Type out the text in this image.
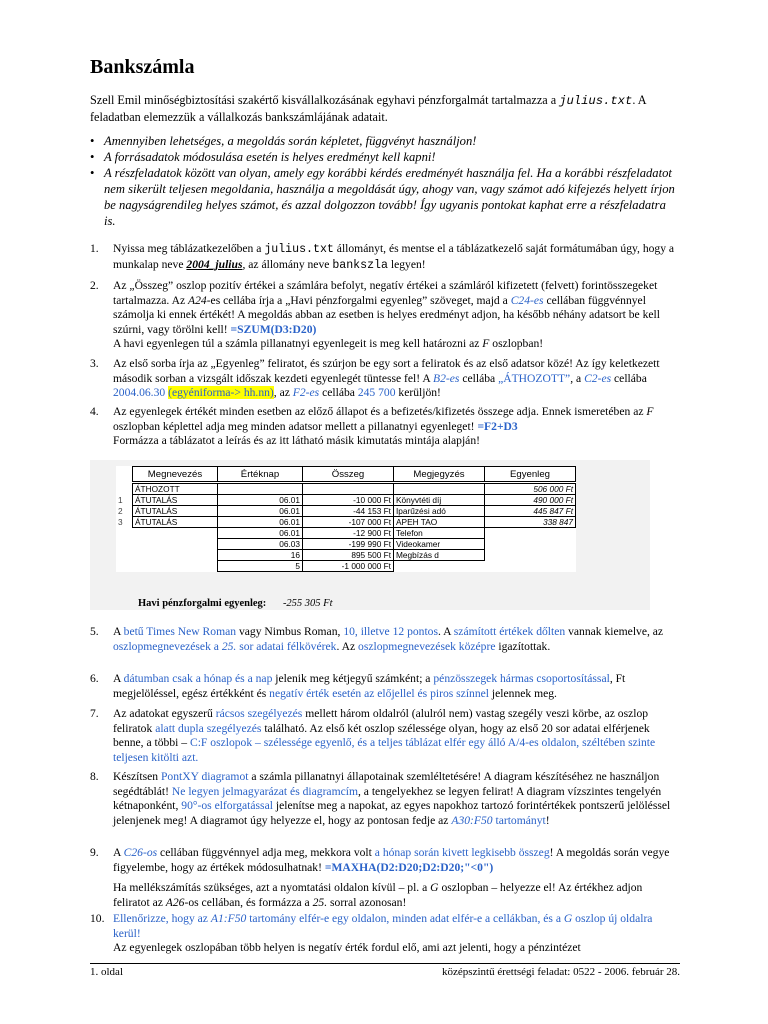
Bankszámla
Szell Emil minőségbiztosítási szakértő kisvállalkozásának egyhavi pénzforgalmát tartalmazza a julius.txt. A feladatban elemezzük a vállalkozás bankszámlájának adatait.
• Amennyiben lehetséges, a megoldás során képletet, függvényt használjon!
• A forrásadatok módosulása esetén is helyes eredményt kell kapni!
• A részfeladatok között van olyan, amely egy korábbi kérdés eredményét használja fel. Ha a korábbi részfeladatot nem sikerült teljesen megoldania, használja a megoldását úgy, ahogy van, vagy számot adó kifejezés helyett írjon be nagyságrendileg helyes számot, és azzal dolgozzon tovább! Így ugyanis pontokat kaphat erre a részfeladatra is.
1. Nyissa meg táblázatkezelőben a julius.txt állományt, és mentse el a táblázatkezelő saját formátumában úgy, hogy a munkalap neve 2004_julius, az állomány neve bankszla legyen!
2. Az „Összeg” oszlop pozitív értékei a számlára befolyt, negatív értékei a számláról kifizetett (felvett) forintösszegeket tartalmazza. Az A24-es cellába írja a „Havi pénzforgalmi egyenleg” szöveget, majd a C24-es cellában függvénnyel számolja ki ennek értékét! A megoldás abban az esetben is helyes eredményt adjon, ha később néhány adatsort be kell szúrni, vagy törölni kell! =SZUM(D3:D20)
A havi egyenlegen túl a számla pillanatnyi egyenlegeit is meg kell határozni az F oszlopban!
3. Az első sorba írja az „Egyenleg” feliratot, és szúrjon be egy sort a feliratok és az első adatsor közé! Az így keletkezett második sorban a vizsgált időszak kezdeti egyenlegét tüntesse fel! A B2-es cellába „ÁTHOZOTT”, a C2-es cellába 2004.06.30 (egyéniforma-> hh.nn), az F2-es cellába 245 700 kerüljön!
4. Az egyenlegek értékét minden esetben az előző állapot és a befizetés/kifizetés összege adja. Ennek ismeretében az F oszlopban képlettel adja meg minden adatsor mellett a pillanatnyi egyenleget! =F2+D3
Formázza a táblázatot a leírás és az itt látható másik kimutatás mintája alapján!
	Megnevezés	Értéknap	Összeg	Megjegyzés	Egyenleg
	ÁTHOZOTT				506 000 Ft
1	ÁTUTALÁS	06.01	-10 000 Ft	Könyvtéti díj	490 000 Ft
2	ÁTUTALÁS	06.01	-44 153 Ft	Iparűzési adó	445 847 Ft
3	ÁTUTALÁS	06.01	-107 000 Ft	APEH TAO	338 847
		06.01	-12 900 Ft	Telefon	
		06.03	-199 990 Ft	Videokamer	
		16	895 500 Ft	Megbízás d	
		5	-1 000 000 Ft		
Havi pénzforgalmi egyenleg: -255 305 Ft
5. A betű Times New Roman vagy Nimbus Roman, 10, illetve 12 pontos. A számított értékek dőlten vannak kiemelve, az oszlopmegnevezések a 25. sor adatai félkövérek. Az oszlopmegnevezések középre igazítottak.
6. A dátumban csak a hónap és a nap jelenik meg kétjegyű számként; a pénzösszegek hármas csoportosítással, Ft megjelöléssel, egész értékként és negatív érték esetén az előjellel és piros színnel jelennek meg.
7. Az adatokat egyszerű rácsos szegélyezés mellett három oldalról (alulról nem) vastag szegély veszi körbe, az oszlop feliratok alatt dupla szegélyezés található. Az első két oszlop szélessége olyan, hogy az első 20 sor adatai elférjenek benne, a többi – C:F oszlopok – szélessége egyenlő, és a teljes táblázat elfér egy álló A/4-es oldalon, széltében szinte teljesen kitölti azt.
8. Készítsen PontXY diagramot a számla pillanatnyi állapotainak szemléltetésére! A diagram készítéséhez ne használjon segédtáblát! Ne legyen jelmagyarázat és diagramcím, a tengelyekhez se legyen felirat! A diagram vízszintes tengelyén kétnaponként, 90°-os elforgatással jelenítse meg a napokat, az egyes napokhoz tartozó forintértékek pontszerű jelöléssel jelenjenek meg! A diagramot úgy helyezze el, hogy az pontosan fedje az A30:F50 tartományt!
9. A C26-os cellában függvénnyel adja meg, mekkora volt a hónap során kivett legkisebb összeg! A megoldás során vegye figyelembe, hogy az értékek módosulhatnak! =MAXHA(D2:D20;D2:D20;"<0")
Ha mellékszámítás szükséges, azt a nyomtatási oldalon kívül – pl. a G oszlopban – helyezze el! Az értékhez adjon feliratot az A26-os cellában, és formázza a 25. sorral azonosan!
10. Ellenőrizze, hogy az A1:F50 tartomány elfér-e egy oldalon, minden adat elfér-e a cellákban, és a G oszlop új oldalra kerül!
Az egyenlegek oszlopában több helyen is negatív érték fordul elő, ami azt jelenti, hogy a pénzintézet
1. oldal	középszintű érettségi feladat: 0522 - 2006. február 28.
